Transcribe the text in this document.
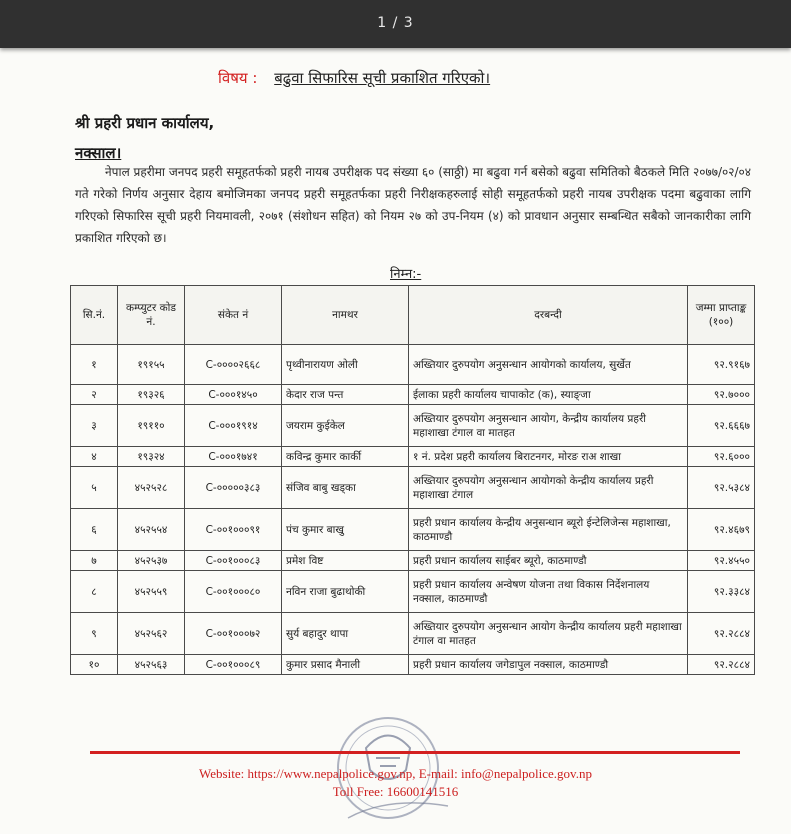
1 / 3
विषय : बढुवा सिफारिस सूची प्रकाशित गरिएको।
श्री प्रहरी प्रधान कार्यालय,
नक्साल।
नेपाल प्रहरीमा जनपद प्रहरी समूहतर्फको प्रहरी नायब उपरीक्षक पद संख्या ६० (साठ्ठी) मा बढुवा गर्न बसेको बढुवा समितिको बैठकले मिति २०७७/०२/०४ गते गरेको निर्णय अनुसार देहाय बमोजिमका जनपद प्रहरी समूहतर्फका प्रहरी निरीक्षकहरुलाई सोही समूहतर्फको प्रहरी नायब उपरीक्षक पदमा बढुवाका लागि गरिएको सिफारिस सूची प्रहरी नियमावली, २०७१ (संशोधन सहित) को नियम २७ को उप-नियम (४) को प्रावधान अनुसार सम्बन्धित सबैको जानकारीका लागि प्रकाशित गरिएको छ।
निम्न:-
सि.नं.	कम्प्युटर कोड नं.	संकेत नं	नामथर	दरबन्दी	जम्मा प्राप्ताङ्क (१००)
१	१९१५५	C-००००२६६८	पृथ्वीनारायण ओली	अख्तियार दुरुपयोग अनुसन्धान आयोगको कार्यालय, सुर्खेत	९२.९१६७
२	१९३२६	C-०००१४५०	केदार राज पन्त	ईलाका प्रहरी कार्यालय चापाकोट (क), स्याङ्जा	९२.७०००
३	१९११०	C-०००१९१४	जयराम कुईकेल	अख्तियार दुरुपयोग अनुसन्धान आयोग, केन्द्रीय कार्यालय प्रहरी महाशाखा टंगाल वा मातहत	९२.६६६७
४	१९३२४	C-०००१७४१	कविन्द्र कुमार कार्की	१ नं. प्रदेश प्रहरी कार्यालय बिराटनगर, मोरङ राअ शाखा	९२.६०००
५	४५२५२८	C-०००००३८३	संजिव बाबु खड्का	अख्तियार दुरुपयोग अनुसन्धान आयोगको केन्द्रीय कार्यालय प्रहरी महाशाखा टंगाल	९२.५३८४
६	४५२५५४	C-००१०००९१	पंच कुमार बाखु	प्रहरी प्रधान कार्यालय केन्द्रीय अनुसन्धान ब्यूरो ईन्टेलिजेन्स महाशाखा, काठमाण्डौ	९२.४६७९
७	४५२५३७	C-००१०००८३	प्रमेश विष्ट	प्रहरी प्रधान कार्यालय साईबर ब्यूरो, काठमाण्डौ	९२.४५५०
८	४५२५५९	C-००१०००८०	नविन राजा बुढाथोकी	प्रहरी प्रधान कार्यालय अन्वेषण योजना तथा विकास निर्देशनालय नक्साल, काठमाण्डौ	९२.३३८४
९	४५२५६२	C-००१०००७२	सुर्य बहादुर थापा	अख्तियार दुरुपयोग अनुसन्धान आयोग केन्द्रीय कार्यालय प्रहरी महाशाखा टंगाल वा मातहत	९२.२८८४
१०	४५२५६३	C-००१०००८९	कुमार प्रसाद मैनाली	प्रहरी प्रधान कार्यालय जगेडापुल नक्साल, काठमाण्डौ	९२.२८८४
Website: https://www.nepalpolice.gov.np, E-mail: info@nepalpolice.gov.np
Toll Free: 16600141516
